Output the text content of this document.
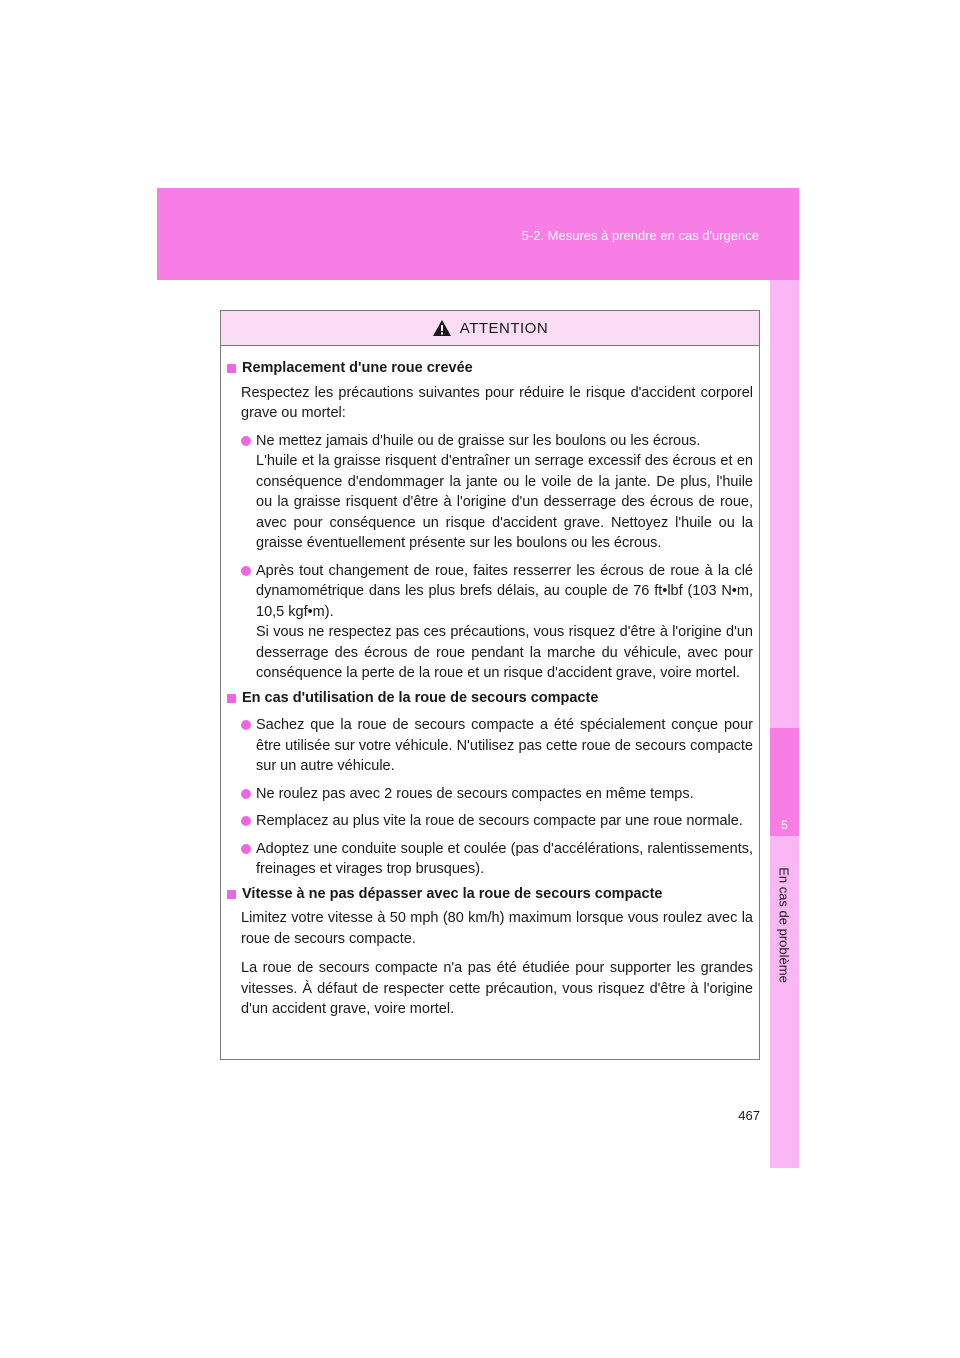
5-2. Mesures à prendre en cas d'urgence
5
En cas de problème
ATTENTION
Remplacement d'une roue crevée
Respectez les précautions suivantes pour réduire le risque d'accident corporel grave ou mortel:
Ne mettez jamais d'huile ou de graisse sur les boulons ou les écrous.
L'huile et la graisse risquent d'entraîner un serrage excessif des écrous et en conséquence d'endommager la jante ou le voile de la jante. De plus, l'huile ou la graisse risquent d'être à l'origine d'un desserrage des écrous de roue, avec pour conséquence un risque d'accident grave. Nettoyez l'huile ou la graisse éventuellement présente sur les boulons ou les écrous.
Après tout changement de roue, faites resserrer les écrous de roue à la clé dynamométrique dans les plus brefs délais, au couple de 76 ft•lbf (103 N•m, 10,5 kgf•m).
Si vous ne respectez pas ces précautions, vous risquez d'être à l'origine d'un desserrage des écrous de roue pendant la marche du véhicule, avec pour conséquence la perte de la roue et un risque d'accident grave, voire mortel.
En cas d'utilisation de la roue de secours compacte
Sachez que la roue de secours compacte a été spécialement conçue pour être utilisée sur votre véhicule. N'utilisez pas cette roue de secours compacte sur un autre véhicule.
Ne roulez pas avec 2 roues de secours compactes en même temps.
Remplacez au plus vite la roue de secours compacte par une roue normale.
Adoptez une conduite souple et coulée (pas d'accélérations, ralentissements, freinages et virages trop brusques).
Vitesse à ne pas dépasser avec la roue de secours compacte
Limitez votre vitesse à 50 mph (80 km/h) maximum lorsque vous roulez avec la roue de secours compacte.
La roue de secours compacte n'a pas été étudiée pour supporter les grandes vitesses. À défaut de respecter cette précaution, vous risquez d'être à l'origine d'un accident grave, voire mortel.
467
